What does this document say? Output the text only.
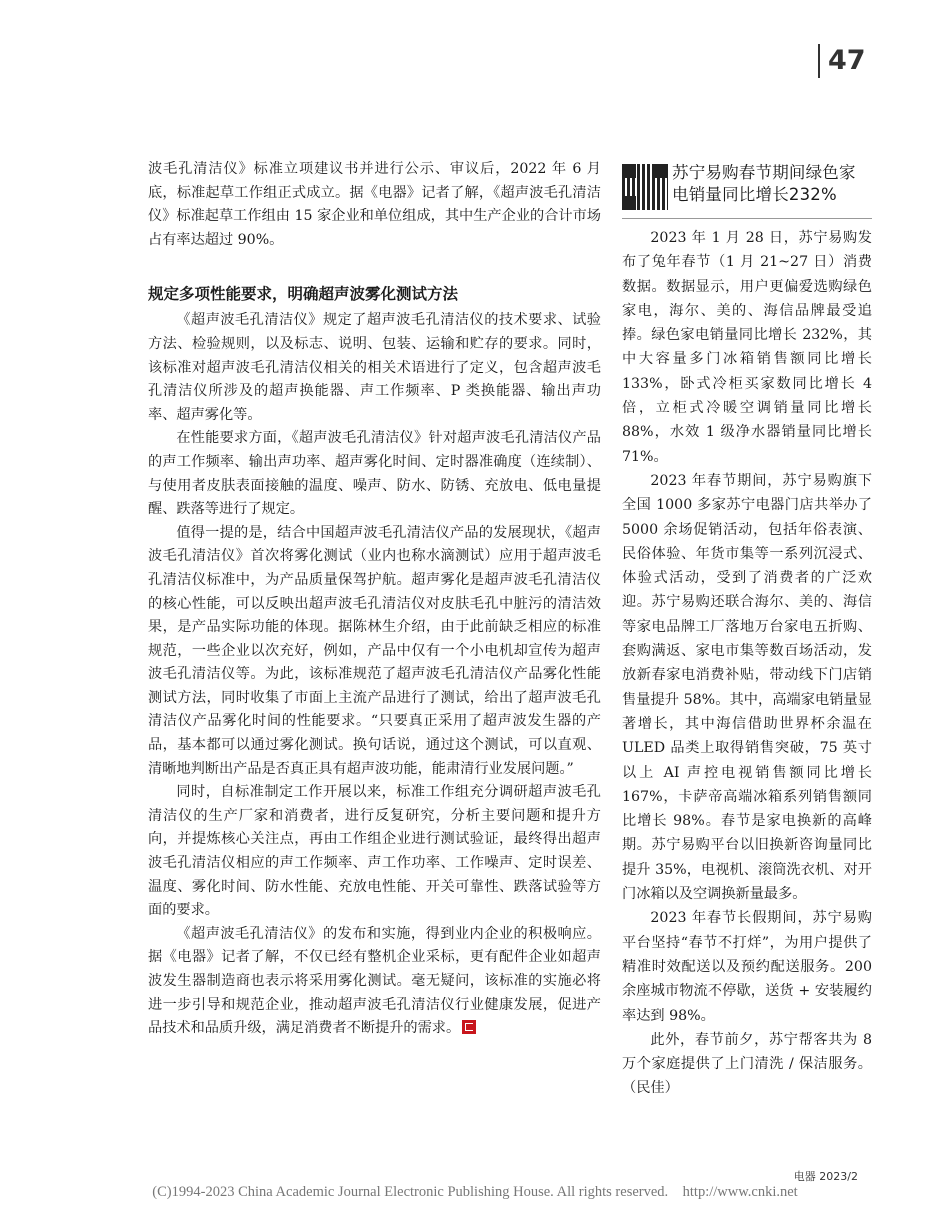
47

波毛孔清洁仪》标准立项建议书并进行公示、审议后，2022 年 6 月底，标准起草工作组正式成立。据《电器》记者了解，《超声波毛孔清洁仪》标准起草工作组由 15 家企业和单位组成，其中生产企业的合计市场占有率达超过 90%。

规定多项性能要求，明确超声波雾化测试方法

《超声波毛孔清洁仪》规定了超声波毛孔清洁仪的技术要求、试验方法、检验规则，以及标志、说明、包装、运输和贮存的要求。同时，该标准对超声波毛孔清洁仪相关的相关术语进行了定义，包含超声波毛孔清洁仪所涉及的超声换能器、声工作频率、P 类换能器、输出声功率、超声雾化等。

在性能要求方面，《超声波毛孔清洁仪》针对超声波毛孔清洁仪产品的声工作频率、输出声功率、超声雾化时间、定时器准确度（连续制）、与使用者皮肤表面接触的温度、噪声、防水、防锈、充放电、低电量提醒、跌落等进行了规定。

值得一提的是，结合中国超声波毛孔清洁仪产品的发展现状，《超声波毛孔清洁仪》首次将雾化测试（业内也称水滴测试）应用于超声波毛孔清洁仪标准中，为产品质量保驾护航。超声雾化是超声波毛孔清洁仪的核心性能，可以反映出超声波毛孔清洁仪对皮肤毛孔中脏污的清洁效果，是产品实际功能的体现。据陈林生介绍，由于此前缺乏相应的标准规范，一些企业以次充好，例如，产品中仅有一个小电机却宣传为超声波毛孔清洁仪等。为此，该标准规范了超声波毛孔清洁仪产品雾化性能测试方法，同时收集了市面上主流产品进行了测试，给出了超声波毛孔清洁仪产品雾化时间的性能要求。“只要真正采用了超声波发生器的产品，基本都可以通过雾化测试。换句话说，通过这个测试，可以直观、清晰地判断出产品是否真正具有超声波功能，能肃清行业发展问题。”

同时，自标准制定工作开展以来，标准工作组充分调研超声波毛孔清洁仪的生产厂家和消费者，进行反复研究，分析主要问题和提升方向，并提炼核心关注点，再由工作组企业进行测试验证，最终得出超声波毛孔清洁仪相应的声工作频率、声工作功率、工作噪声、定时误差、温度、雾化时间、防水性能、充放电性能、开关可靠性、跌落试验等方面的要求。

《超声波毛孔清洁仪》的发布和实施，得到业内企业的积极响应。据《电器》记者了解，不仅已经有整机企业采标，更有配件企业如超声波发生器制造商也表示将采用雾化测试。毫无疑问，该标准的实施必将进一步引导和规范企业，推动超声波毛孔清洁仪行业健康发展，促进产品技术和品质升级，满足消费者不断提升的需求。

苏宁易购春节期间绿色家电销量同比增长232%

2023 年 1 月 28 日，苏宁易购发布了兔年春节（1 月 21~27 日）消费数据。数据显示，用户更偏爱选购绿色家电，海尔、美的、海信品牌最受追捧。绿色家电销量同比增长 232%，其中大容量多门冰箱销售额同比增长 133%，卧式冷柜买家数同比增长 4 倍，立柜式冷暖空调销量同比增长 88%，水效 1 级净水器销量同比增长 71%。

2023 年春节期间，苏宁易购旗下全国 1000 多家苏宁电器门店共举办了 5000 余场促销活动，包括年俗表演、民俗体验、年货市集等一系列沉浸式、体验式活动，受到了消费者的广泛欢迎。苏宁易购还联合海尔、美的、海信等家电品牌工厂落地万台家电五折购、套购满返、家电市集等数百场活动，发放新春家电消费补贴，带动线下门店销售量提升 58%。其中，高端家电销量显著增长，其中海信借助世界杯余温在 ULED 品类上取得销售突破，75 英寸以上 AI 声控电视销售额同比增长 167%，卡萨帝高端冰箱系列销售额同比增长 98%。春节是家电换新的高峰期。苏宁易购平台以旧换新咨询量同比提升 35%，电视机、滚筒洗衣机、对开门冰箱以及空调换新量最多。

2023 年春节长假期间，苏宁易购平台坚持“春节不打烊”，为用户提供了精准时效配送以及预约配送服务。200 余座城市物流不停歇，送货 + 安装履约率达到 98%。

此外，春节前夕，苏宁帮客共为 8 万个家庭提供了上门清洗 / 保洁服务。（民佳）

电器 2023/2
(C)1994-2023 China Academic Journal Electronic Publishing House. All rights reserved.    http://www.cnki.net
